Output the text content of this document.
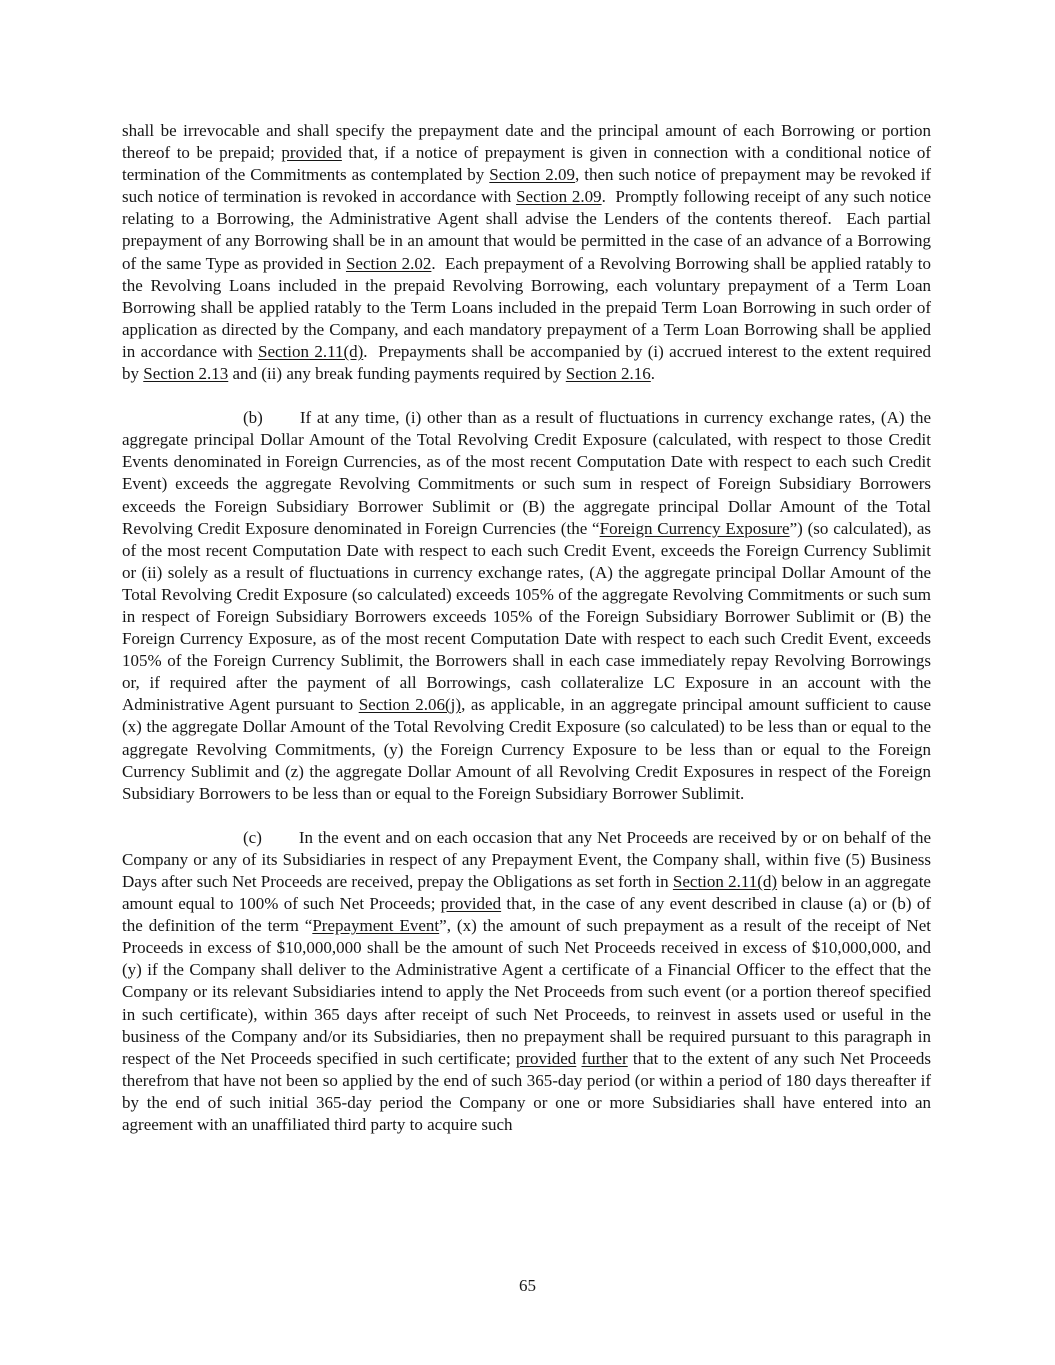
shall be irrevocable and shall specify the prepayment date and the principal amount of each Borrowing or portion thereof to be prepaid; provided that, if a notice of prepayment is given in connection with a conditional notice of termination of the Commitments as contemplated by Section 2.09, then such notice of prepayment may be revoked if such notice of termination is revoked in accordance with Section 2.09.  Promptly following receipt of any such notice relating to a Borrowing, the Administrative Agent shall advise the Lenders of the contents thereof.  Each partial prepayment of any Borrowing shall be in an amount that would be permitted in the case of an advance of a Borrowing of the same Type as provided in Section 2.02.  Each prepayment of a Revolving Borrowing shall be applied ratably to the Revolving Loans included in the prepaid Revolving Borrowing, each voluntary prepayment of a Term Loan Borrowing shall be applied ratably to the Term Loans included in the prepaid Term Loan Borrowing in such order of application as directed by the Company, and each mandatory prepayment of a Term Loan Borrowing shall be applied in accordance with Section 2.11(d).  Prepayments shall be accompanied by (i) accrued interest to the extent required by Section 2.13 and (ii) any break funding payments required by Section 2.16.

(b) If at any time, (i) other than as a result of fluctuations in currency exchange rates, (A) the aggregate principal Dollar Amount of the Total Revolving Credit Exposure (calculated, with respect to those Credit Events denominated in Foreign Currencies, as of the most recent Computation Date with respect to each such Credit Event) exceeds the aggregate Revolving Commitments or such sum in respect of Foreign Subsidiary Borrowers exceeds the Foreign Subsidiary Borrower Sublimit or (B) the aggregate principal Dollar Amount of the Total Revolving Credit Exposure denominated in Foreign Currencies (the “Foreign Currency Exposure”) (so calculated), as of the most recent Computation Date with respect to each such Credit Event, exceeds the Foreign Currency Sublimit or (ii) solely as a result of fluctuations in currency exchange rates, (A) the aggregate principal Dollar Amount of the Total Revolving Credit Exposure (so calculated) exceeds 105% of the aggregate Revolving Commitments or such sum in respect of Foreign Subsidiary Borrowers exceeds 105% of the Foreign Subsidiary Borrower Sublimit or (B) the Foreign Currency Exposure, as of the most recent Computation Date with respect to each such Credit Event, exceeds 105% of the Foreign Currency Sublimit, the Borrowers shall in each case immediately repay Revolving Borrowings or, if required after the payment of all Borrowings, cash collateralize LC Exposure in an account with the Administrative Agent pursuant to Section 2.06(j), as applicable, in an aggregate principal amount sufficient to cause (x) the aggregate Dollar Amount of the Total Revolving Credit Exposure (so calculated) to be less than or equal to the aggregate Revolving Commitments, (y) the Foreign Currency Exposure to be less than or equal to the Foreign Currency Sublimit and (z) the aggregate Dollar Amount of all Revolving Credit Exposures in respect of the Foreign Subsidiary Borrowers to be less than or equal to the Foreign Subsidiary Borrower Sublimit.

(c) In the event and on each occasion that any Net Proceeds are received by or on behalf of the Company or any of its Subsidiaries in respect of any Prepayment Event, the Company shall, within five (5) Business Days after such Net Proceeds are received, prepay the Obligations as set forth in Section 2.11(d) below in an aggregate amount equal to 100% of such Net Proceeds; provided that, in the case of any event described in clause (a) or (b) of the definition of the term “Prepayment Event”, (x) the amount of such prepayment as a result of the receipt of Net Proceeds in excess of $10,000,000 shall be the amount of such Net Proceeds received in excess of $10,000,000, and (y) if the Company shall deliver to the Administrative Agent a certificate of a Financial Officer to the effect that the Company or its relevant Subsidiaries intend to apply the Net Proceeds from such event (or a portion thereof specified in such certificate), within 365 days after receipt of such Net Proceeds, to reinvest in assets used or useful in the business of the Company and/or its Subsidiaries, then no prepayment shall be required pursuant to this paragraph in respect of the Net Proceeds specified in such certificate; provided further that to the extent of any such Net Proceeds therefrom that have not been so applied by the end of such 365-day period (or within a period of 180 days thereafter if by the end of such initial 365-day period the Company or one or more Subsidiaries shall have entered into an agreement with an unaffiliated third party to acquire such

65
